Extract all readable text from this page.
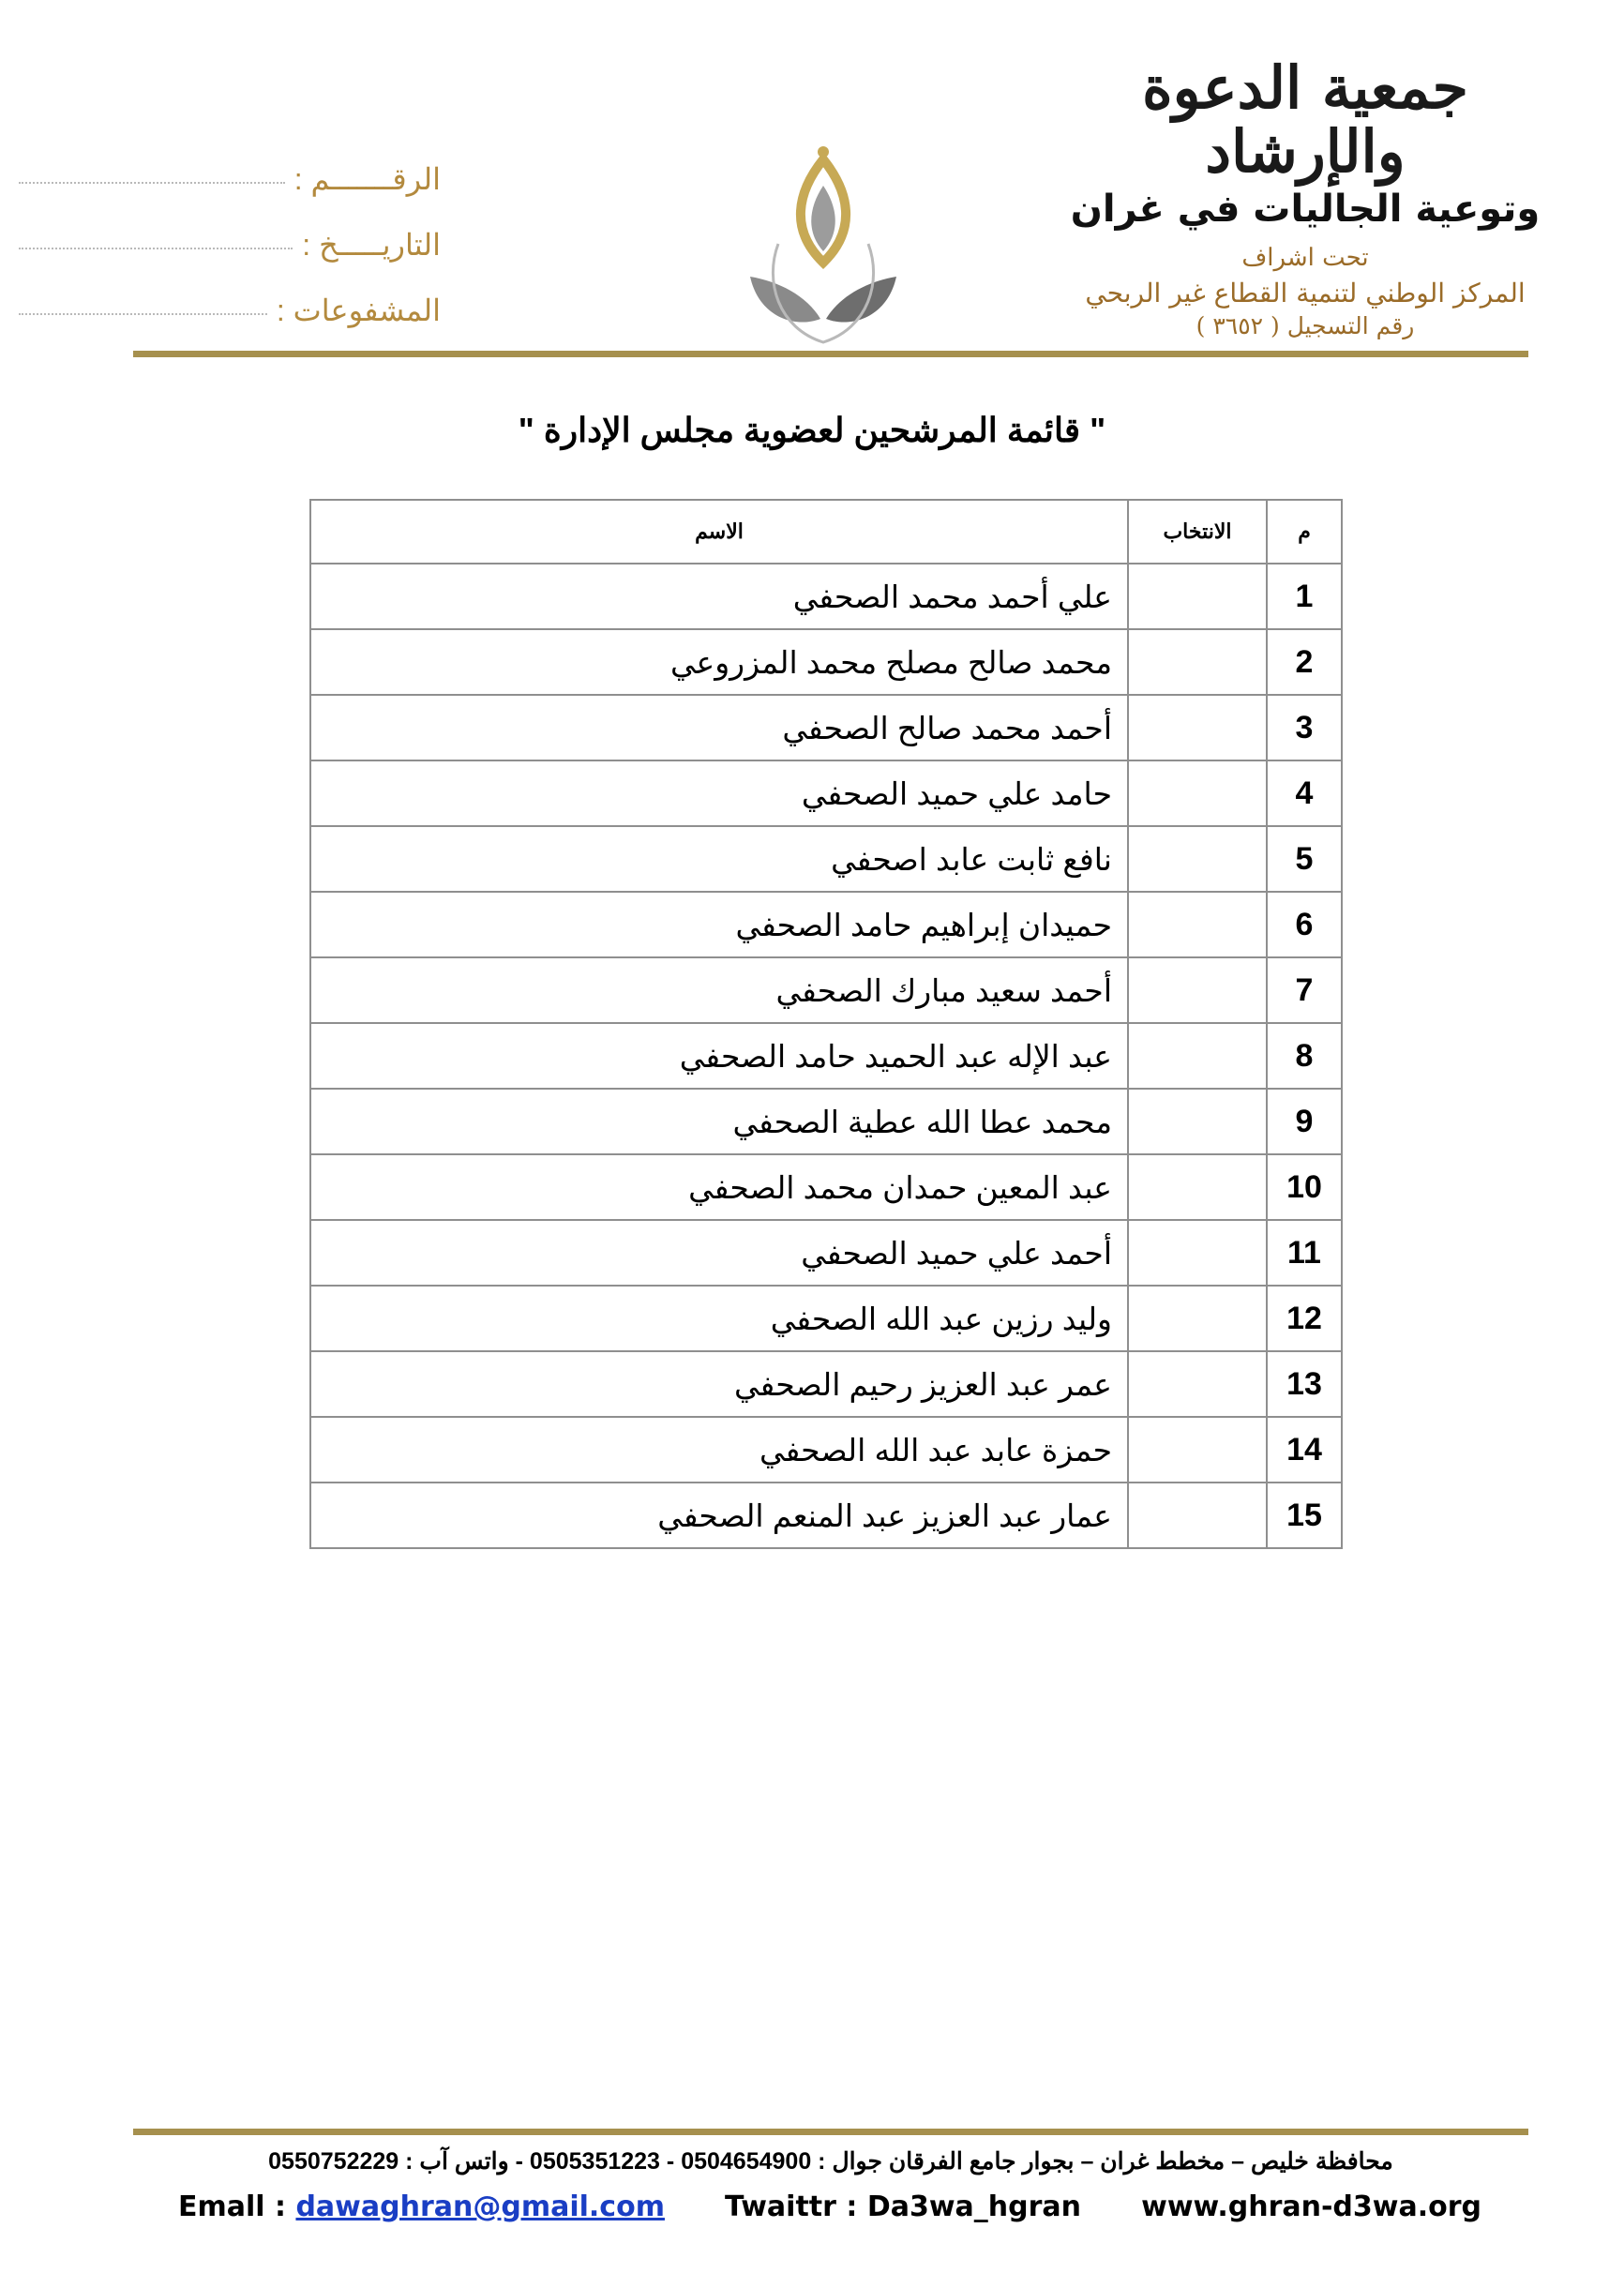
جمعية الدعوة والإرشاد
وتوعية الجاليات في غران
تحت اشراف
المركز الوطني لتنمية القطاع غير الربحي
رقم التسجيل ( ٣٦٥٢ )
الرقـــــــم :
التاريـــــخ :
المشفوعات :
" قائمة المرشحين لعضوية مجلس الإدارة "
م	الانتخاب	الاسم
1		علي أحمد محمد الصحفي
2		محمد صالح مصلح محمد المزروعي
3		أحمد محمد صالح الصحفي
4		حامد علي حميد الصحفي
5		نافع ثابت عابد اصحفي
6		حميدان إبراهيم حامد الصحفي
7		أحمد سعيد مبارك الصحفي
8		عبد الإله عبد الحميد حامد الصحفي
9		محمد عطا الله عطية الصحفي
10		عبد المعين حمدان محمد الصحفي
11		أحمد علي حميد الصحفي
12		وليد رزين عبد الله الصحفي
13		عمر عبد العزيز رحيم الصحفي
14		حمزة عابد عبد الله الصحفي
15		عمار عبد العزيز عبد المنعم الصحفي
محافظة خليص – مخطط غران – بجوار جامع الفرقان جوال : 0504654900 - 0505351223 - واتس آب : 0550752229
Emall : dawaghran@gmail.com Twaittr : Da3wa_hgran www.ghran-d3wa.org
